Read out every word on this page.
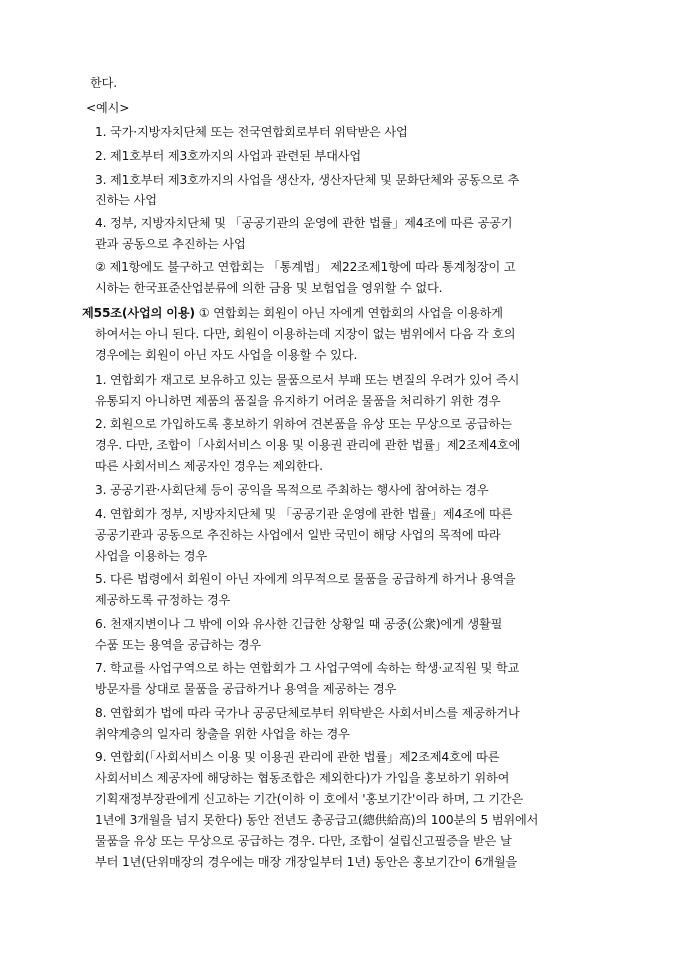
한다.
<예시>
1. 국가·지방자치단체 또는 전국연합회로부터 위탁받은 사업
2. 제1호부터 제3호까지의 사업과 관련된 부대사업
3. 제1호부터 제3호까지의 사업을 생산자, 생산자단체 및 문화단체와 공동으로 추
진하는 사업
4. 정부, 지방자치단체 및 「공공기관의 운영에 관한 법률」제4조에 따른 공공기
관과 공동으로 추진하는 사업
② 제1항에도 불구하고 연합회는 「통계법」 제22조제1항에 따라 통계청장이 고
시하는 한국표준산업분류에 의한 금융 및 보험업을 영위할 수 없다.
제55조(사업의 이용) ① 연합회는 회원이 아닌 자에게 연합회의 사업을 이용하게
하여서는 아니 된다. 다만, 회원이 이용하는데 지장이 없는 범위에서 다음 각 호의
경우에는 회원이 아닌 자도 사업을 이용할 수 있다.
1. 연합회가 재고로 보유하고 있는 물품으로서 부패 또는 변질의 우려가 있어 즉시
유통되지 아니하면 제품의 품질을 유지하기 어려운 물품을 처리하기 위한 경우
2. 회원으로 가입하도록 홍보하기 위하여 견본품을 유상 또는 무상으로 공급하는
경우. 다만, 조합이「사회서비스 이용 및 이용권 관리에 관한 법률」제2조제4호에
따른 사회서비스 제공자인 경우는 제외한다.
3. 공공기관·사회단체 등이 공익을 목적으로 주최하는 행사에 참여하는 경우
4. 연합회가 정부, 지방자치단체 및 「공공기관 운영에 관한 법률」제4조에 따른
공공기관과 공동으로 추진하는 사업에서 일반 국민이 해당 사업의 목적에 따라
사업을 이용하는 경우
5. 다른 법령에서 회원이 아닌 자에게 의무적으로 물품을 공급하게 하거나 용역을
제공하도록 규정하는 경우
6. 천재지변이나 그 밖에 이와 유사한 긴급한 상황일 때 공중(公衆)에게 생활필
수품 또는 용역을 공급하는 경우
7. 학교를 사업구역으로 하는 연합회가 그 사업구역에 속하는 학생·교직원 및 학교
방문자를 상대로 물품을 공급하거나 용역을 제공하는 경우
8. 연합회가 법에 따라 국가나 공공단체로부터 위탁받은 사회서비스를 제공하거나
취약계층의 일자리 창출을 위한 사업을 하는 경우
9. 연합회(「사회서비스 이용 및 이용권 관리에 관한 법률」제2조제4호에 따른
사회서비스 제공자에 해당하는 협동조합은 제외한다)가 가입을 홍보하기 위하여
기획재정부장관에게 신고하는 기간(이하 이 호에서 '홍보기간'이라 하며, 그 기간은
1년에 3개월을 넘지 못한다) 동안 전년도 총공급고(總供給高)의 100분의 5 범위에서
물품을 유상 또는 무상으로 공급하는 경우. 다만, 조합이 설립신고필증을 받은 날
부터 1년(단위매장의 경우에는 매장 개장일부터 1년) 동안은 홍보기간이 6개월을
